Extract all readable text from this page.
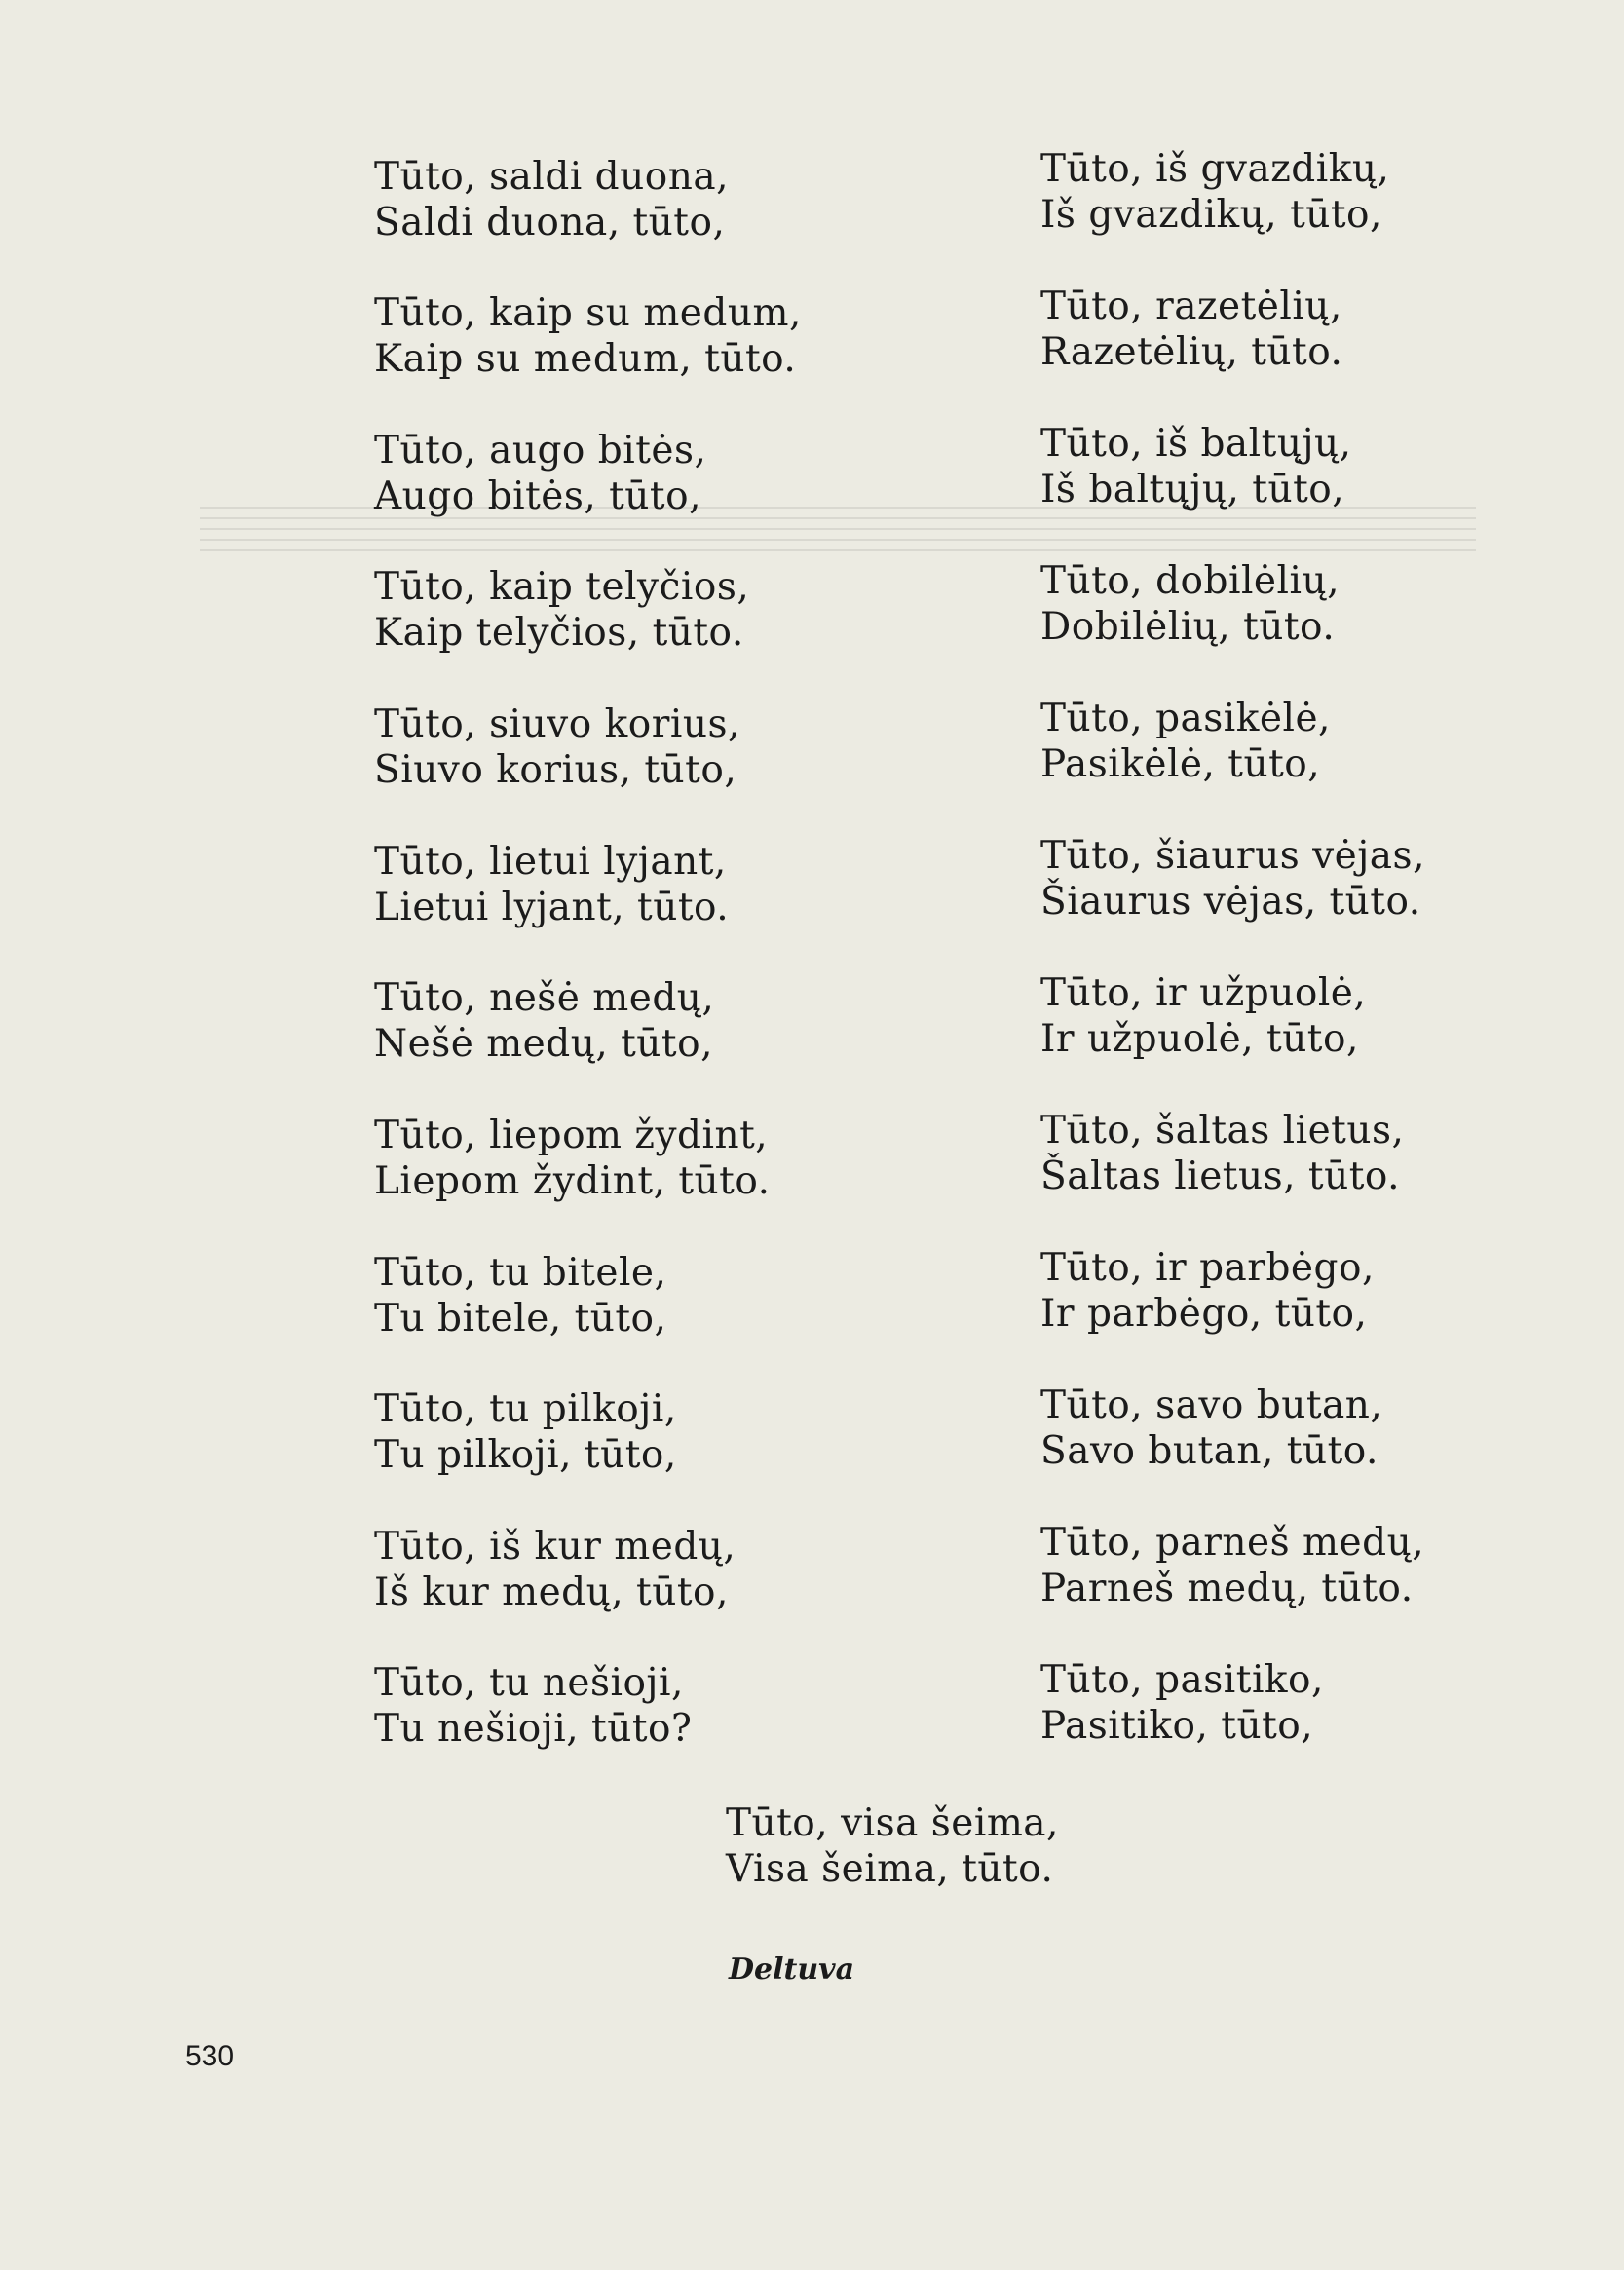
Tūto, saldi duona,
Saldi duona, tūto,
Tūto, kaip su medum,
Kaip su medum, tūto.
Tūto, augo bitės,
Augo bitės, tūto,
Tūto, kaip telyčios,
Kaip telyčios, tūto.
Tūto, siuvo korius,
Siuvo korius, tūto,
Tūto, lietui lyjant,
Lietui lyjant, tūto.
Tūto, nešė medų,
Nešė medų, tūto,
Tūto, liepom žydint,
Liepom žydint, tūto.
Tūto, tu bitele,
Tu bitele, tūto,
Tūto, tu pilkoji,
Tu pilkoji, tūto,
Tūto, iš kur medų,
Iš kur medų, tūto,
Tūto, tu nešioji,
Tu nešioji, tūto?
Tūto, iš gvazdikų,
Iš gvazdikų, tūto,
Tūto, razetėlių,
Razetėlių, tūto.
Tūto, iš baltųjų,
Iš baltųjų, tūto,
Tūto, dobilėlių,
Dobilėlių, tūto.
Tūto, pasikėlė,
Pasikėlė, tūto,
Tūto, šiaurus vėjas,
Šiaurus vėjas, tūto.
Tūto, ir užpuolė,
Ir užpuolė, tūto,
Tūto, šaltas lietus,
Šaltas lietus, tūto.
Tūto, ir parbėgo,
Ir parbėgo, tūto,
Tūto, savo butan,
Savo butan, tūto.
Tūto, parneš medų,
Parneš medų, tūto.
Tūto, pasitiko,
Pasitiko, tūto,
Tūto, visa šeima,
Visa šeima, tūto.
Deltuva
530
